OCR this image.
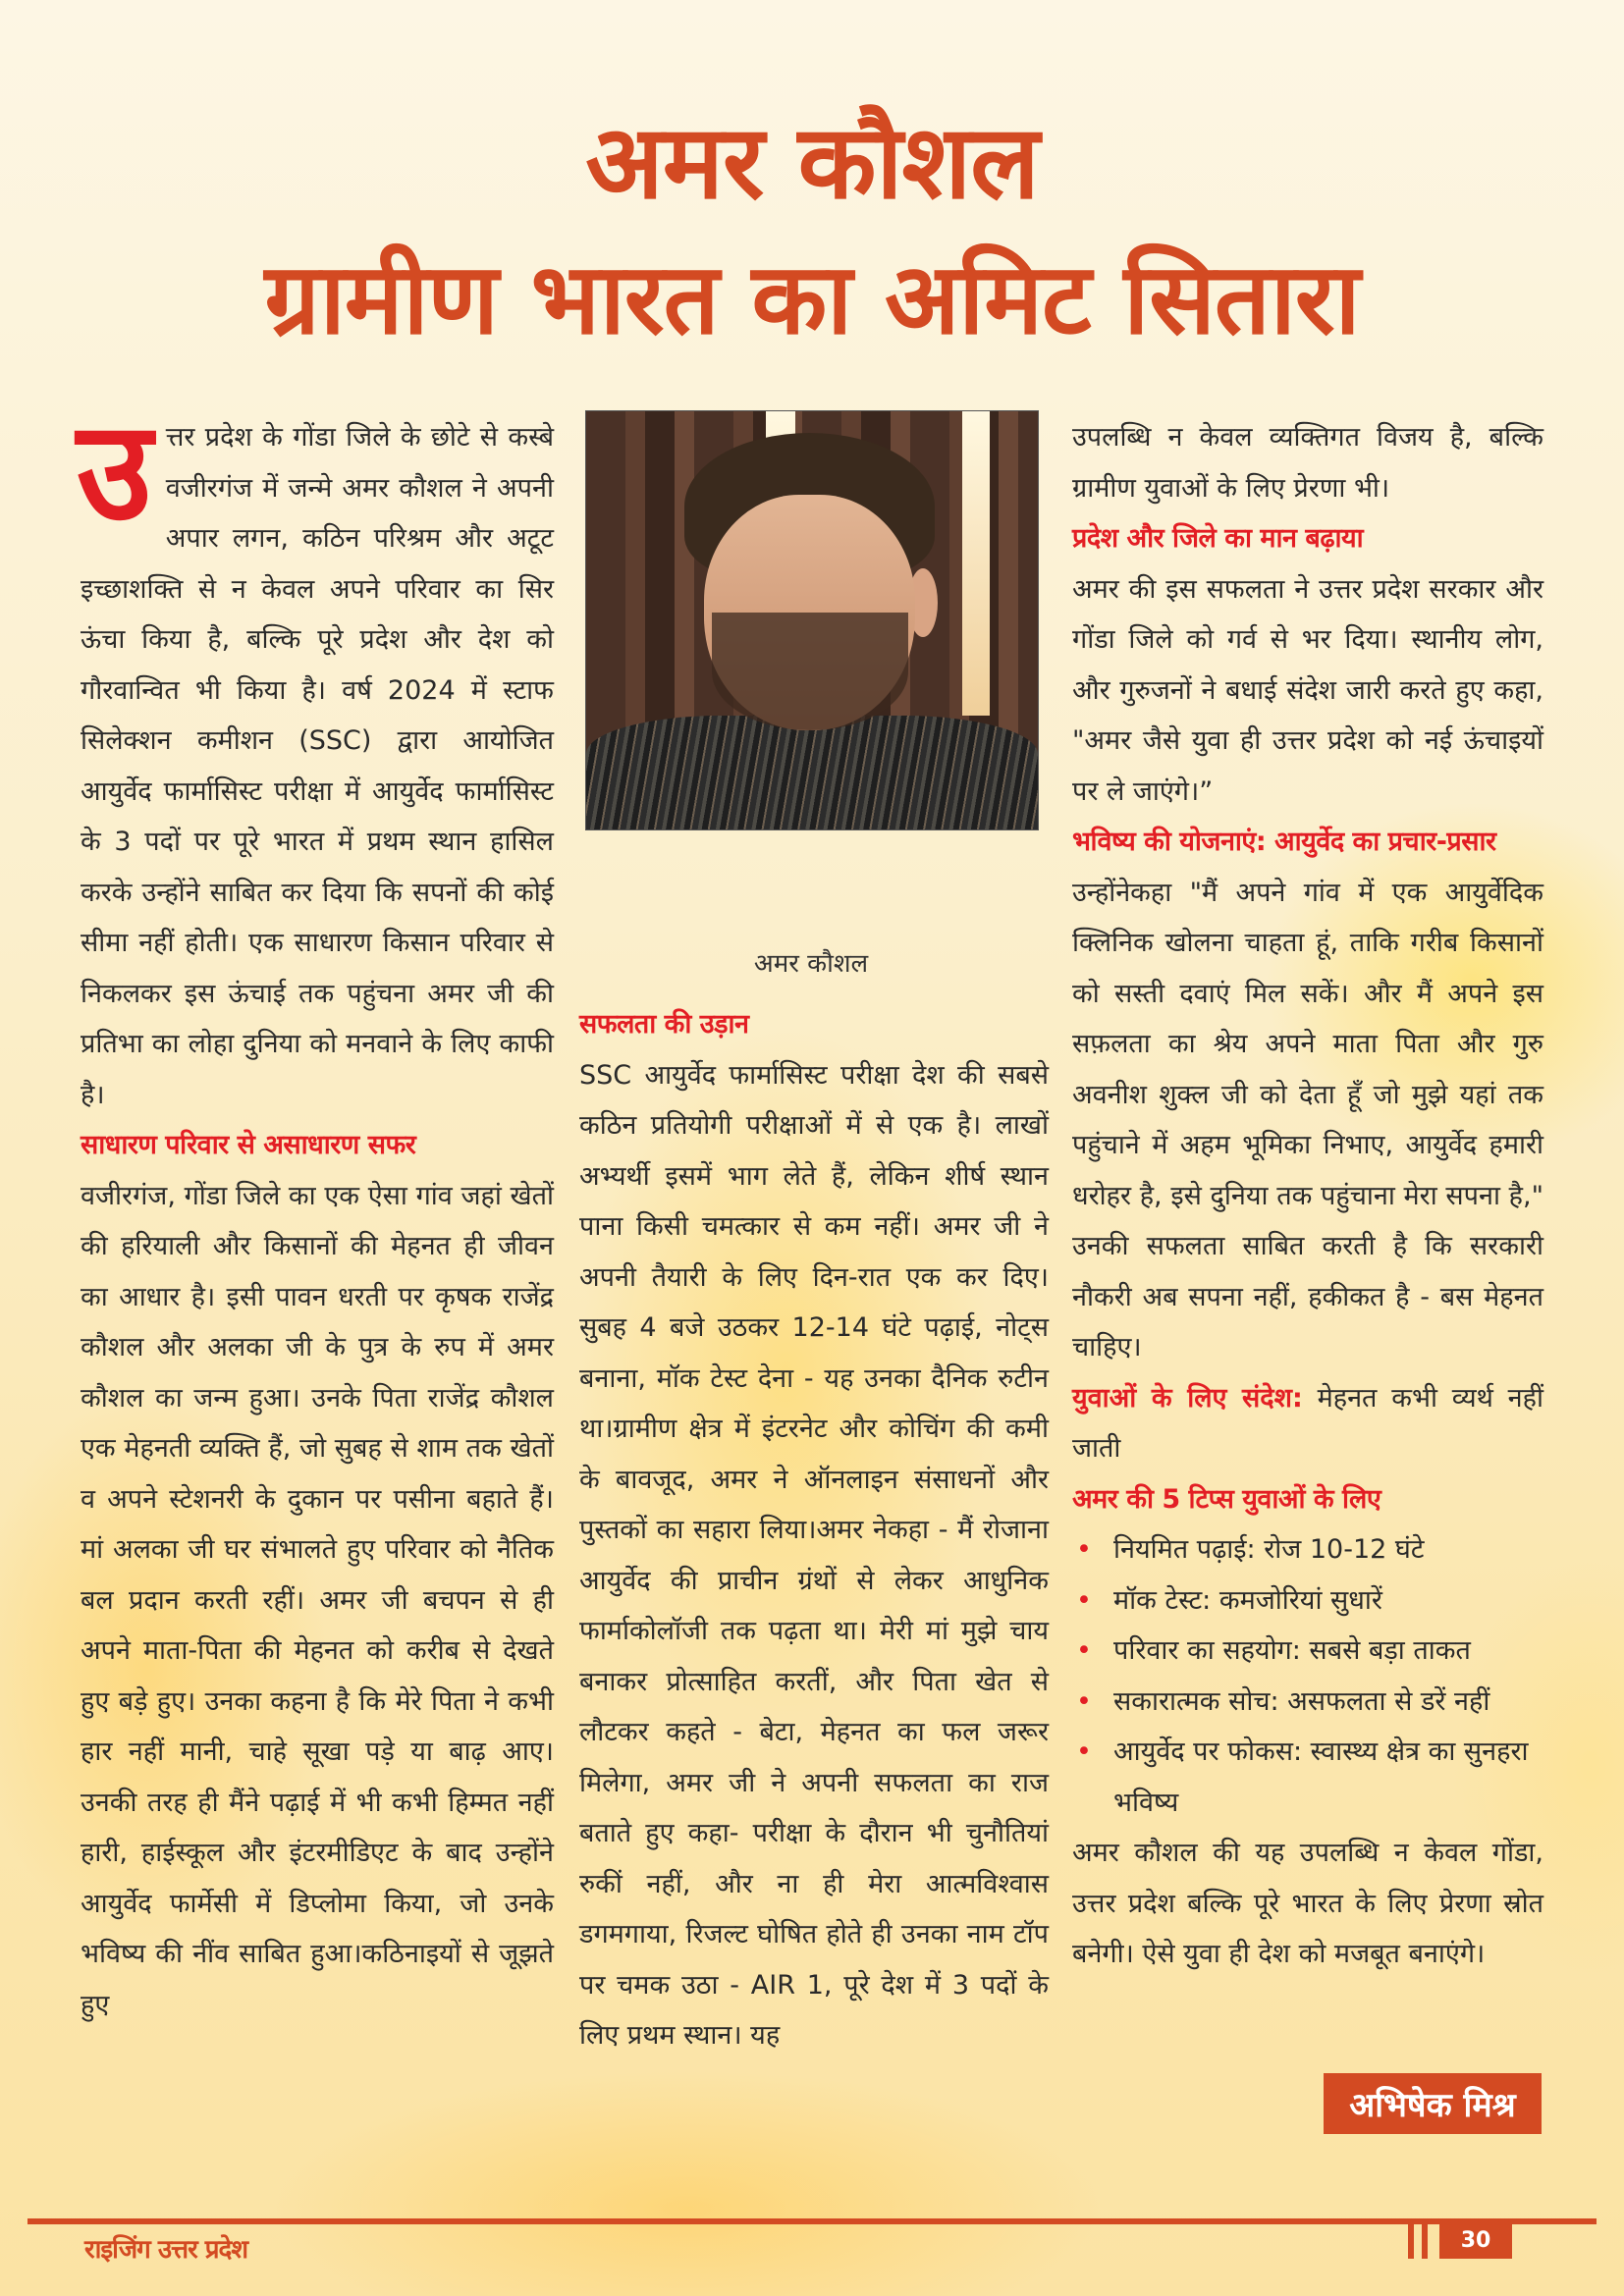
अमर कौशल
ग्रामीण भारत का अमिट सितारा
उ त्तर प्रदेश के गोंडा जिले के छोटे से कस्बे वजीरगंज में जन्मे अमर कौशल ने अपनी अपार लगन, कठिन परिश्रम और अटूट इच्छाशक्ति से न केवल अपने परिवार का सिर ऊंचा किया है, बल्कि पूरे प्रदेश और देश को गौरवान्वित भी किया है। वर्ष 2024 में स्टाफ सिलेक्शन कमीशन (SSC) द्वारा आयोजित आयुर्वेद फार्मासिस्ट परीक्षा में आयुर्वेद फार्मासिस्ट के 3 पदों पर पूरे भारत में प्रथम स्थान हासिल करके उन्होंने साबित कर दिया कि सपनों की कोई सीमा नहीं होती। एक साधारण किसान परिवार से निकलकर इस ऊंचाई तक पहुंचना अमर जी की प्रतिभा का लोहा दुनिया को मनवाने के लिए काफी है।

साधारण परिवार से असाधारण सफर

वजीरगंज, गोंडा जिले का एक ऐसा गांव जहां खेतों की हरियाली और किसानों की मेहनत ही जीवन का आधार है। इसी पावन धरती पर कृषक राजेंद्र कौशल और अलका जी के पुत्र के रुप में अमर कौशल का जन्म हुआ। उनके पिता राजेंद्र कौशल एक मेहनती व्यक्ति हैं, जो सुबह से शाम तक खेतों व अपने स्टेशनरी के दुकान पर पसीना बहाते हैं। मां अलका जी घर संभालते हुए परिवार को नैतिक बल प्रदान करती रहीं। अमर जी बचपन से ही अपने माता-पिता की मेहनत को करीब से देखते हुए बड़े हुए। उनका कहना है कि मेरे पिता ने कभी हार नहीं मानी, चाहे सूखा पड़े या बाढ़ आए। उनकी तरह ही मैंने पढ़ाई में भी कभी हिम्मत नहीं हारी, हाईस्कूल और इंटरमीडिएट के बाद उन्होंने आयुर्वेद फार्मेसी में डिप्लोमा किया, जो उनके भविष्य की नींव साबित हुआ।कठिनाइयों से जूझते हुए

अमर कौशल
सफलता की उड़ान

SSC आयुर्वेद फार्मासिस्ट परीक्षा देश की सबसे कठिन प्रतियोगी परीक्षाओं में से एक है। लाखों अभ्यर्थी इसमें भाग लेते हैं, लेकिन शीर्ष स्थान पाना किसी चमत्कार से कम नहीं। अमर जी ने अपनी तैयारी के लिए दिन-रात एक कर दिए। सुबह 4 बजे उठकर 12-14 घंटे पढ़ाई, नोट्स बनाना, मॉक टेस्ट देना - यह उनका दैनिक रुटीन था।ग्रामीण क्षेत्र में इंटरनेट और कोचिंग की कमी के बावजूद, अमर ने ऑनलाइन संसाधनों और पुस्तकों का सहारा लिया।अमर नेकहा - मैं रोजाना आयुर्वेद की प्राचीन ग्रंथों से लेकर आधुनिक फार्माकोलॉजी तक पढ़ता था। मेरी मां मुझे चाय बनाकर प्रोत्साहित करतीं, और पिता खेत से लौटकर कहते - बेटा, मेहनत का फल जरूर मिलेगा, अमर जी ने अपनी सफलता का राज बताते हुए कहा- परीक्षा के दौरान भी चुनौतियां रुकीं नहीं, और ना ही मेरा आत्मविश्वास डगमगाया, रिजल्ट घोषित होते ही उनका नाम टॉप पर चमक उठा - AIR 1, पूरे देश में 3 पदों के लिए प्रथम स्थान। यह

उपलब्धि न केवल व्यक्तिगत विजय है, बल्कि ग्रामीण युवाओं के लिए प्रेरणा भी।

प्रदेश और जिले का मान बढ़ाया

अमर की इस सफलता ने उत्तर प्रदेश सरकार और गोंडा जिले को गर्व से भर दिया। स्थानीय लोग, और गुरुजनों ने बधाई संदेश जारी करते हुए कहा, "अमर जैसे युवा ही उत्तर प्रदेश को नई ऊंचाइयों पर ले जाएंगे।”

भविष्य की योजनाएं: आयुर्वेद का प्रचार-प्रसार

उन्होंनेकहा "मैं अपने गांव में एक आयुर्वेदिक क्लिनिक खोलना चाहता हूं, ताकि गरीब किसानों को सस्ती दवाएं मिल सकें। और मैं अपने इस सफ़लता का श्रेय अपने माता पिता और गुरु अवनीश शुक्ल जी को देता हूँ जो मुझे यहां तक पहुंचाने में अहम भूमिका निभाए, आयुर्वेद हमारी धरोहर है, इसे दुनिया तक पहुंचाना मेरा सपना है," उनकी सफलता साबित करती है कि सरकारी नौकरी अब सपना नहीं, हकीकत है - बस मेहनत चाहिए।

युवाओं के लिए संदेश: मेहनत कभी व्यर्थ नहीं जाती

अमर की 5 टिप्स युवाओं के लिए
• नियमित पढ़ाई: रोज 10-12 घंटे
• मॉक टेस्ट: कमजोरियां सुधारें
• परिवार का सहयोग: सबसे बड़ा ताकत
• सकारात्मक सोच: असफलता से डरें नहीं
• आयुर्वेद पर फोकस: स्वास्थ्य क्षेत्र का सुनहरा भविष्य

अमर कौशल की यह उपलब्धि न केवल गोंडा, उत्तर प्रदेश बल्कि पूरे भारत के लिए प्रेरणा स्रोत बनेगी। ऐसे युवा ही देश को मजबूत बनाएंगे।

अभिषेक मिश्र
राइजिंग उत्तर प्रदेश	30
